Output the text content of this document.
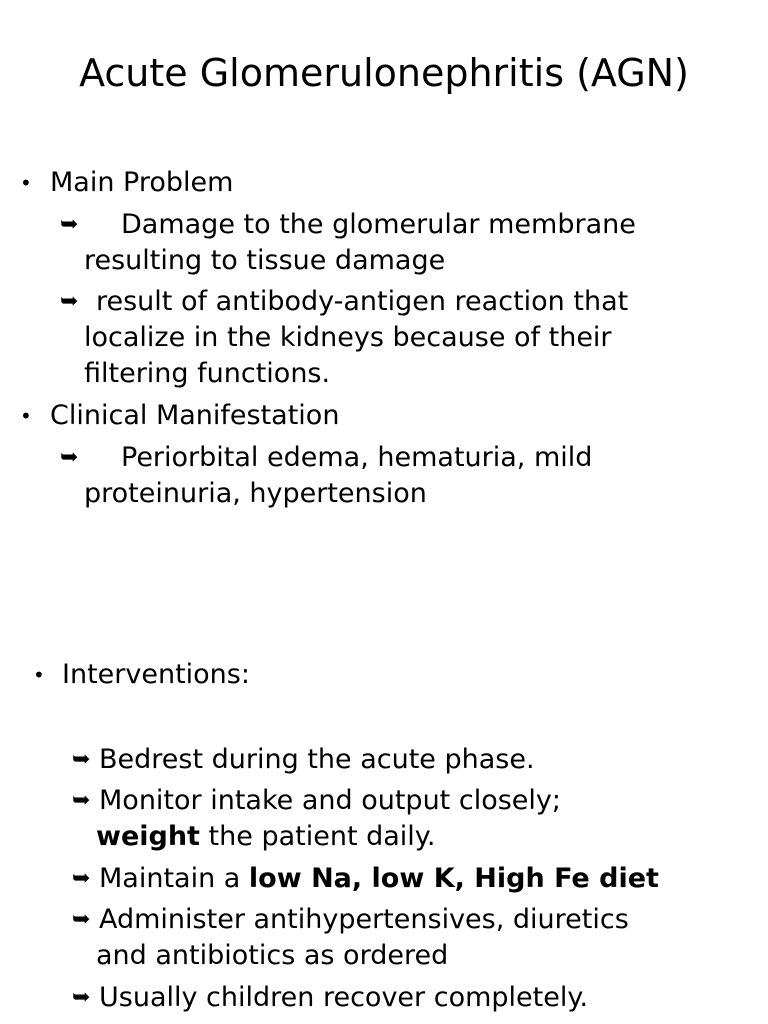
Acute Glomerulonephritis (AGN)
• Main Problem
➥ Damage to the glomerular membrane
resulting to tissue damage
➥ result of antibody-antigen reaction that
localize in the kidneys because of their
filtering functions.
• Clinical Manifestation
➥ Periorbital edema, hematuria, mild
proteinuria, hypertension
• Interventions:
➥ Bedrest during the acute phase.
➥ Monitor intake and output closely;
weight the patient daily.
➥ Maintain a low Na, low K, High Fe diet
➥ Administer antihypertensives, diuretics
and antibiotics as ordered
➥ Usually children recover completely.
